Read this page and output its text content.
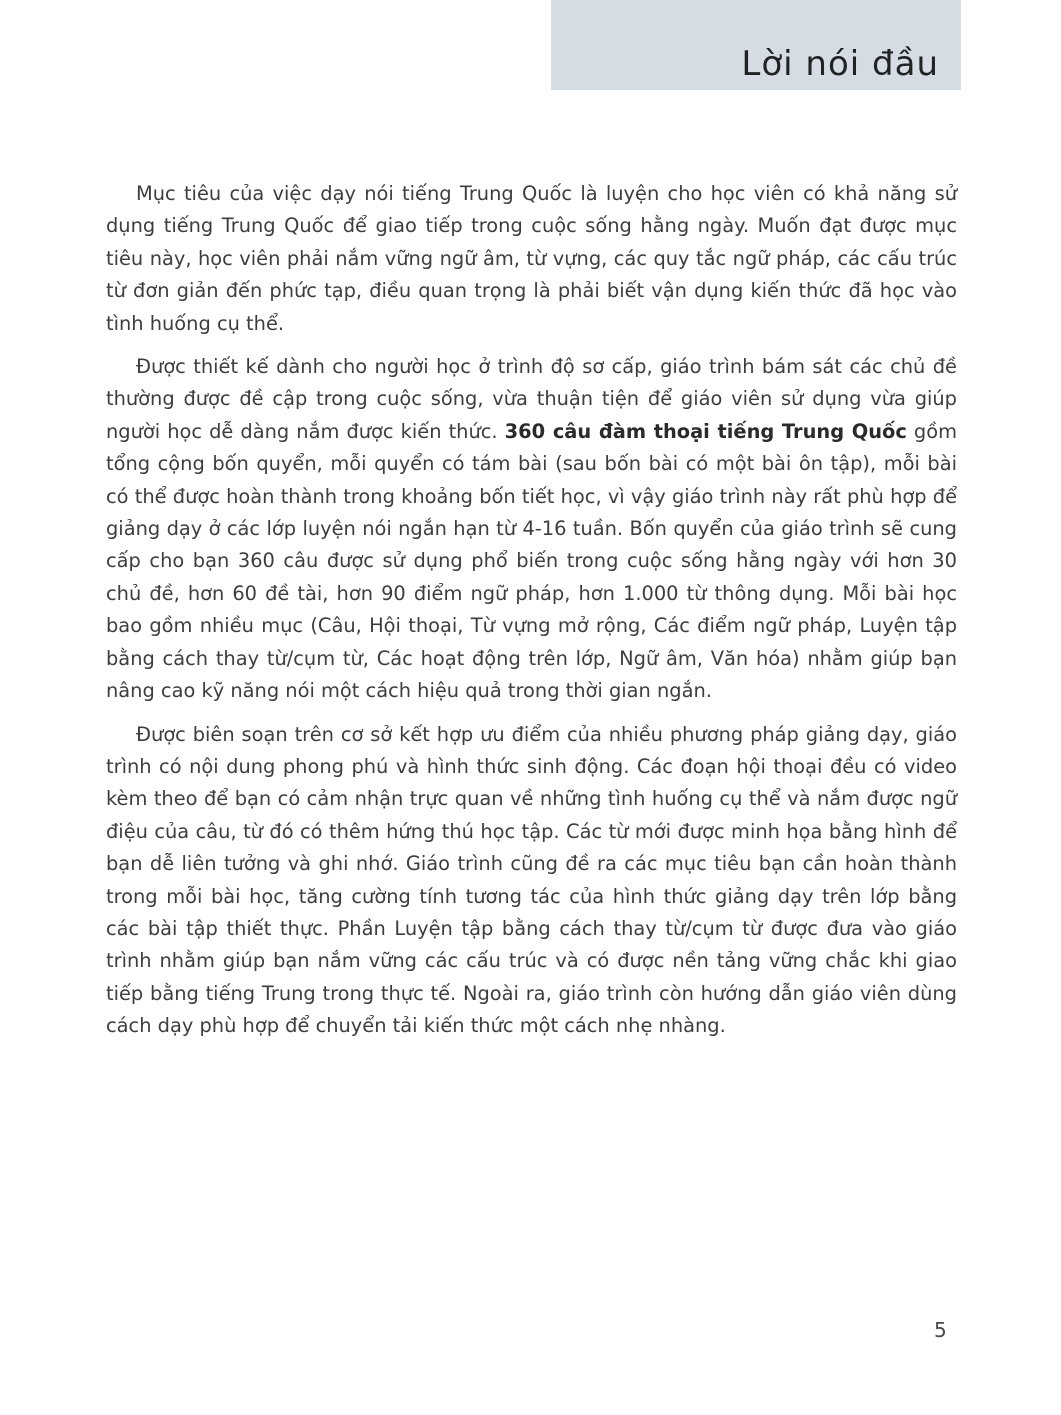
Lời nói đầu

Mục tiêu của việc dạy nói tiếng Trung Quốc là luyện cho học viên có khả năng sử dụng tiếng Trung Quốc để giao tiếp trong cuộc sống hằng ngày. Muốn đạt được mục tiêu này, học viên phải nắm vững ngữ âm, từ vựng, các quy tắc ngữ pháp, các cấu trúc từ đơn giản đến phức tạp, điều quan trọng là phải biết vận dụng kiến thức đã học vào tình huống cụ thể.

Được thiết kế dành cho người học ở trình độ sơ cấp, giáo trình bám sát các chủ đề thường được đề cập trong cuộc sống, vừa thuận tiện để giáo viên sử dụng vừa giúp người học dễ dàng nắm được kiến thức. 360 câu đàm thoại tiếng Trung Quốc gồm tổng cộng bốn quyển, mỗi quyển có tám bài (sau bốn bài có một bài ôn tập), mỗi bài có thể được hoàn thành trong khoảng bốn tiết học, vì vậy giáo trình này rất phù hợp để giảng dạy ở các lớp luyện nói ngắn hạn từ 4-16 tuần. Bốn quyển của giáo trình sẽ cung cấp cho bạn 360 câu được sử dụng phổ biến trong cuộc sống hằng ngày với hơn 30 chủ đề, hơn 60 đề tài, hơn 90 điểm ngữ pháp, hơn 1.000 từ thông dụng. Mỗi bài học bao gồm nhiều mục (Câu, Hội thoại, Từ vựng mở rộng, Các điểm ngữ pháp, Luyện tập bằng cách thay từ/cụm từ, Các hoạt động trên lớp, Ngữ âm, Văn hóa) nhằm giúp bạn nâng cao kỹ năng nói một cách hiệu quả trong thời gian ngắn.

Được biên soạn trên cơ sở kết hợp ưu điểm của nhiều phương pháp giảng dạy, giáo trình có nội dung phong phú và hình thức sinh động. Các đoạn hội thoại đều có video kèm theo để bạn có cảm nhận trực quan về những tình huống cụ thể và nắm được ngữ điệu của câu, từ đó có thêm hứng thú học tập. Các từ mới được minh họa bằng hình để bạn dễ liên tưởng và ghi nhớ. Giáo trình cũng đề ra các mục tiêu bạn cần hoàn thành trong mỗi bài học, tăng cường tính tương tác của hình thức giảng dạy trên lớp bằng các bài tập thiết thực. Phần Luyện tập bằng cách thay từ/cụm từ được đưa vào giáo trình nhằm giúp bạn nắm vững các cấu trúc và có được nền tảng vững chắc khi giao tiếp bằng tiếng Trung trong thực tế. Ngoài ra, giáo trình còn hướng dẫn giáo viên dùng cách dạy phù hợp để chuyển tải kiến thức một cách nhẹ nhàng.

5
